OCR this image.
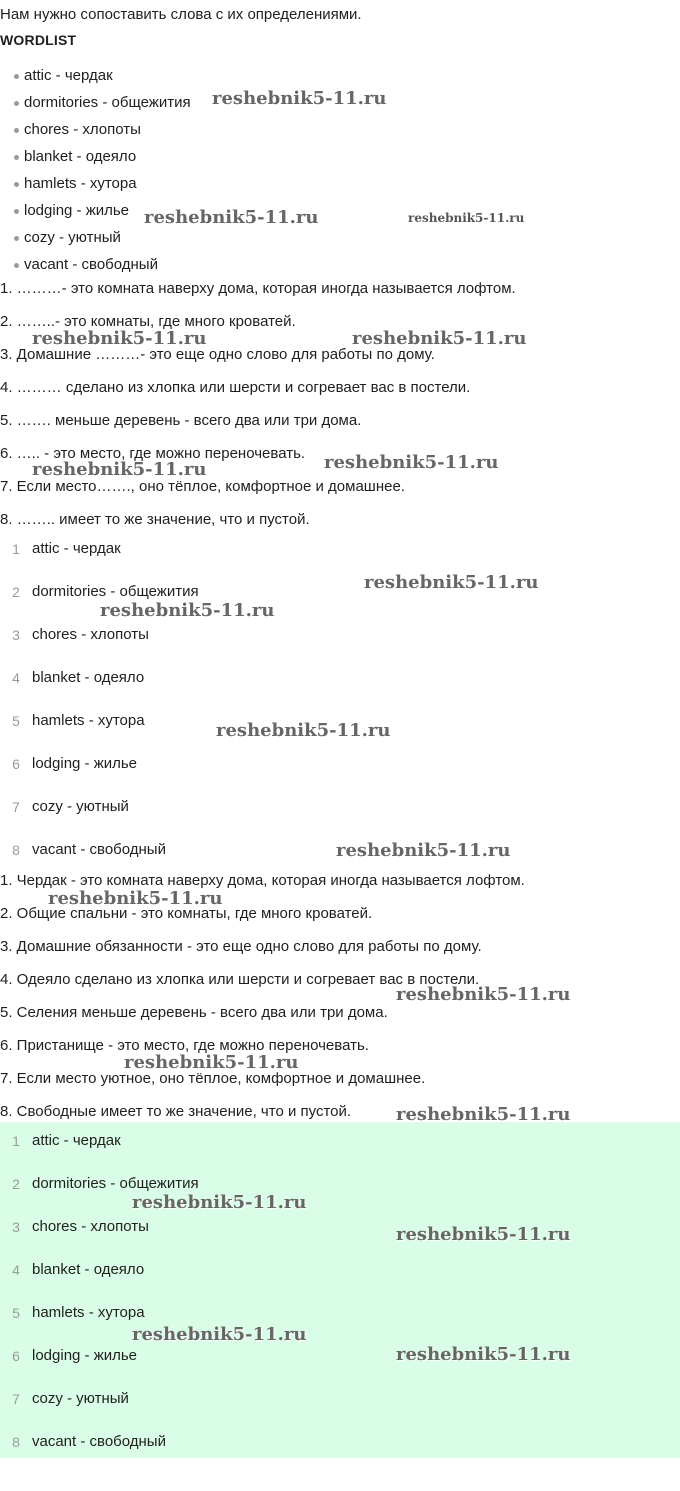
Нам нужно сопоставить слова с их определениями.
WORDLIST
attic - чердак
dormitories - общежития
chores - хлопоты
blanket - одеяло
hamlets - хутора
lodging - жилье
cozy - уютный
vacant - свободный
1. ………- это комната наверху дома, которая иногда называется лофтом.
2. ……..- это комнаты, где много кроватей.
3. Домашние ………- это еще одно слово для работы по дому.
4. ……… сделано из хлопка или шерсти и согревает вас в постели.
5. ……. меньше деревень - всего два или три дома.
6. ….. - это место, где можно переночевать.
7. Если место……., оно тёплое, комфортное и домашнее.
8. …….. имеет то же значение, что и пустой.
1 attic - чердак
2 dormitories - общежития
3 chores - хлопоты
4 blanket - одеяло
5 hamlets - хутора
6 lodging - жилье
7 cozy - уютный
8 vacant - свободный
1. Чердак - это комната наверху дома, которая иногда называется лофтом.
2. Общие спальни - это комнаты, где много кроватей.
3. Домашние обязанности - это еще одно слово для работы по дому.
4. Одеяло сделано из хлопка или шерсти и согревает вас в постели.
5. Селения меньше деревень - всего два или три дома.
6. Пристанище - это место, где можно переночевать.
7. Если место уютное, оно тёплое, комфортное и домашнее.
8. Свободные имеет то же значение, что и пустой.
1 attic - чердак
2 dormitories - общежития
3 chores - хлопоты
4 blanket - одеяло
5 hamlets - хутора
6 lodging - жилье
7 cozy - уютный
8 vacant - свободный
reshebnik5-11.ru
reshebnik5-11.ru	reshebnik5-11.ru
reshebnik5-11.ru	reshebnik5-11.ru
reshebnik5-11.ru
reshebnik5-11.ru
reshebnik5-11.ru
reshebnik5-11.ru
reshebnik5-11.ru
reshebnik5-11.ru
reshebnik5-11.ru
reshebnik5-11.ru
reshebnik5-11.ru
reshebnik5-11.ru
reshebnik5-11.ru
reshebnik5-11.ru
reshebnik5-11.ru
reshebnik5-11.ru
